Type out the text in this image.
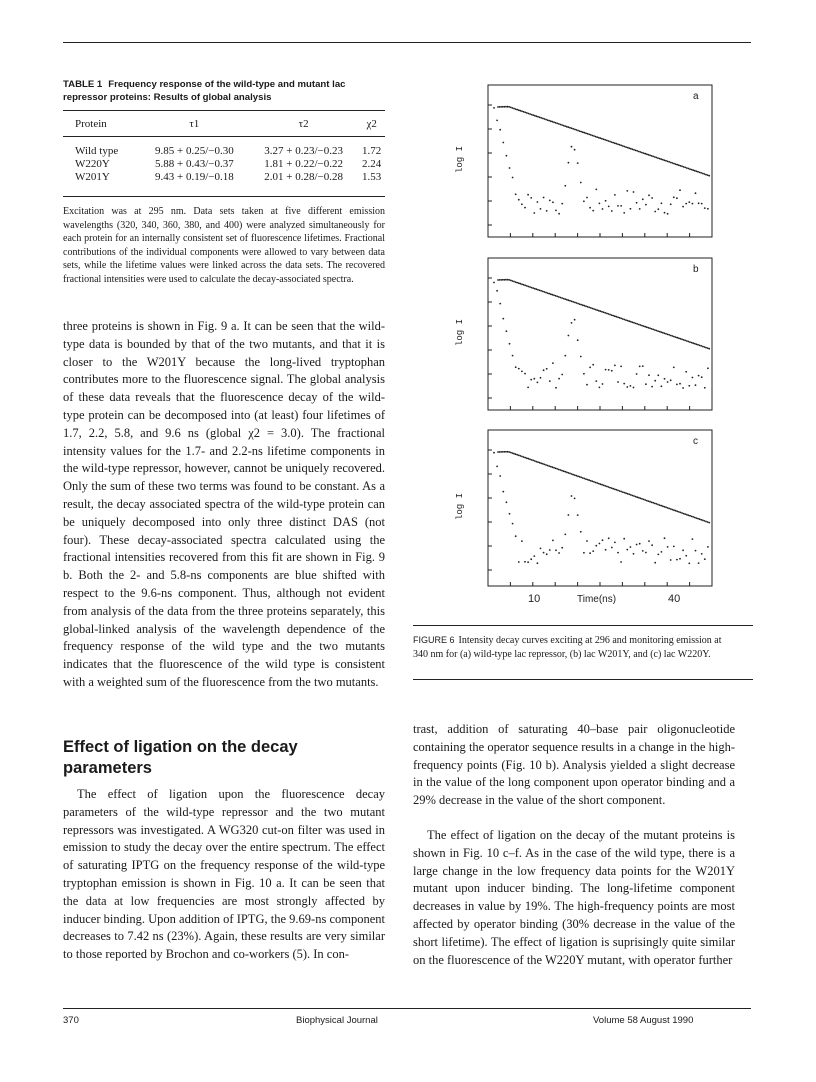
TABLE 1 Frequency response of the wild-type and mutant lac repressor proteins: Results of global analysis
Protein	τ1	τ2	χ2
Wild type	9.85 + 0.25/−0.30	3.27 + 0.23/−0.23	1.72
W220Y	5.88 + 0.43/−0.37	1.81 + 0.22/−0.22	2.24
W201Y	9.43 + 0.19/−0.18	2.01 + 0.28/−0.28	1.53
Excitation was at 295 nm. Data sets taken at five different emission wavelengths (320, 340, 360, 380, and 400) were analyzed simultaneously for each protein for an internally consistent set of fluorescence lifetimes. Fractional contributions of the individual components were allowed to vary between data sets, while the lifetime values were linked across the data sets. The recovered fractional intensities were used to calculate the decay-associated spectra.
three proteins is shown in Fig. 9 a. It can be seen that the wild-type data is bounded by that of the two mutants, and that it is closer to the W201Y because the long-lived tryptophan contributes more to the fluorescence signal. The global analysis of these data reveals that the fluorescence decay of the wild-type protein can be decomposed into (at least) four lifetimes of 1.7, 2.2, 5.8, and 9.6 ns (global χ2 = 3.0). The fractional intensity values for the 1.7- and 2.2-ns lifetime components in the wild-type repressor, however, cannot be uniquely recovered. Only the sum of these two terms was found to be constant. As a result, the decay associated spectra of the wild-type protein can be uniquely decomposed into only three distinct DAS (not four). These decay-associated spectra calculated using the fractional intensities recovered from this fit are shown in Fig. 9 b. Both the 2- and 5.8-ns components are blue shifted with respect to the 9.6-ns component. Thus, although not evident from analysis of the data from the three proteins separately, this global-linked analysis of the wavelength dependence of the frequency response of the wild type and the two mutants indicates that the fluorescence of the wild type is consistent with a weighted sum of the fluorescence from the two mutants.
Effect of ligation on the decay parameters
The effect of ligation upon the fluorescence decay parameters of the wild-type repressor and the two mutant repressors was investigated. A WG320 cut-on filter was used in emission to study the decay over the entire spectrum. The effect of saturating IPTG on the frequency response of the wild-type tryptophan emission is shown in Fig. 10 a. It can be seen that the data at low frequencies are most strongly affected by inducer binding. Upon addition of IPTG, the 9.69-ns component decreases to 7.42 ns (23%). Again, these results are very similar to those reported by Brochon and co-workers (5). In con-
trast, addition of saturating 40–base pair oligonucleotide containing the operator sequence results in a change in the high-frequency points (Fig. 10 b). Analysis yielded a slight decrease in the value of the long component upon operator binding and a 29% decrease in the value of the short component.
The effect of ligation on the decay of the mutant proteins is shown in Fig. 10 c–f. As in the case of the wild type, there is a large change in the low frequency data points for the W201Y mutant upon inducer binding. The long-lifetime component decreases in value by 19%. The high-frequency points are most affected by operator binding (30% decrease in the value of the short lifetime). The effect of ligation is suprisingly quite similar on the fluorescence of the W220Y mutant, with operator further
a
log I
b
log I
c
log I
10	Time(ns)	40
FIGURE 6 Intensity decay curves exciting at 296 and monitoring emission at 340 nm for (a) wild-type lac repressor, (b) lac W201Y, and (c) lac W220Y.
370	Biophysical Journal	Volume 58 August 1990
